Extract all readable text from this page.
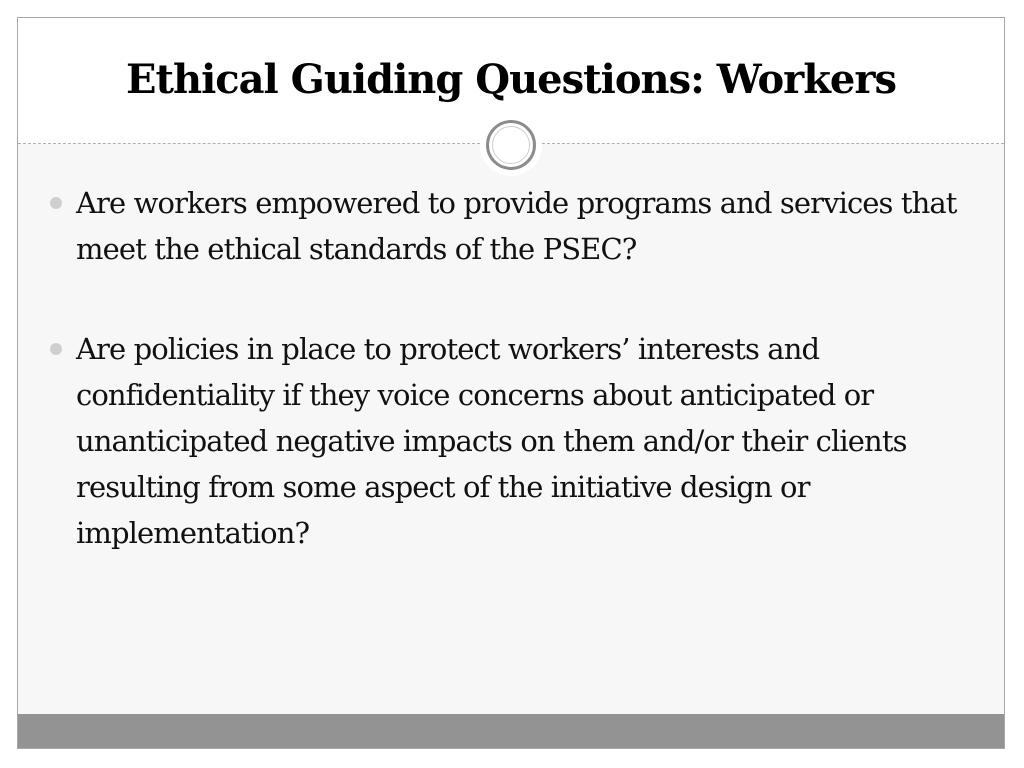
Ethical Guiding Questions: Workers
Are workers empowered to provide programs and services that meet the ethical standards of the PSEC?
Are policies in place to protect workers’ interests and confidentiality if they voice concerns about anticipated or unanticipated negative impacts on them and/or their clients resulting from some aspect of the initiative design or implementation?
